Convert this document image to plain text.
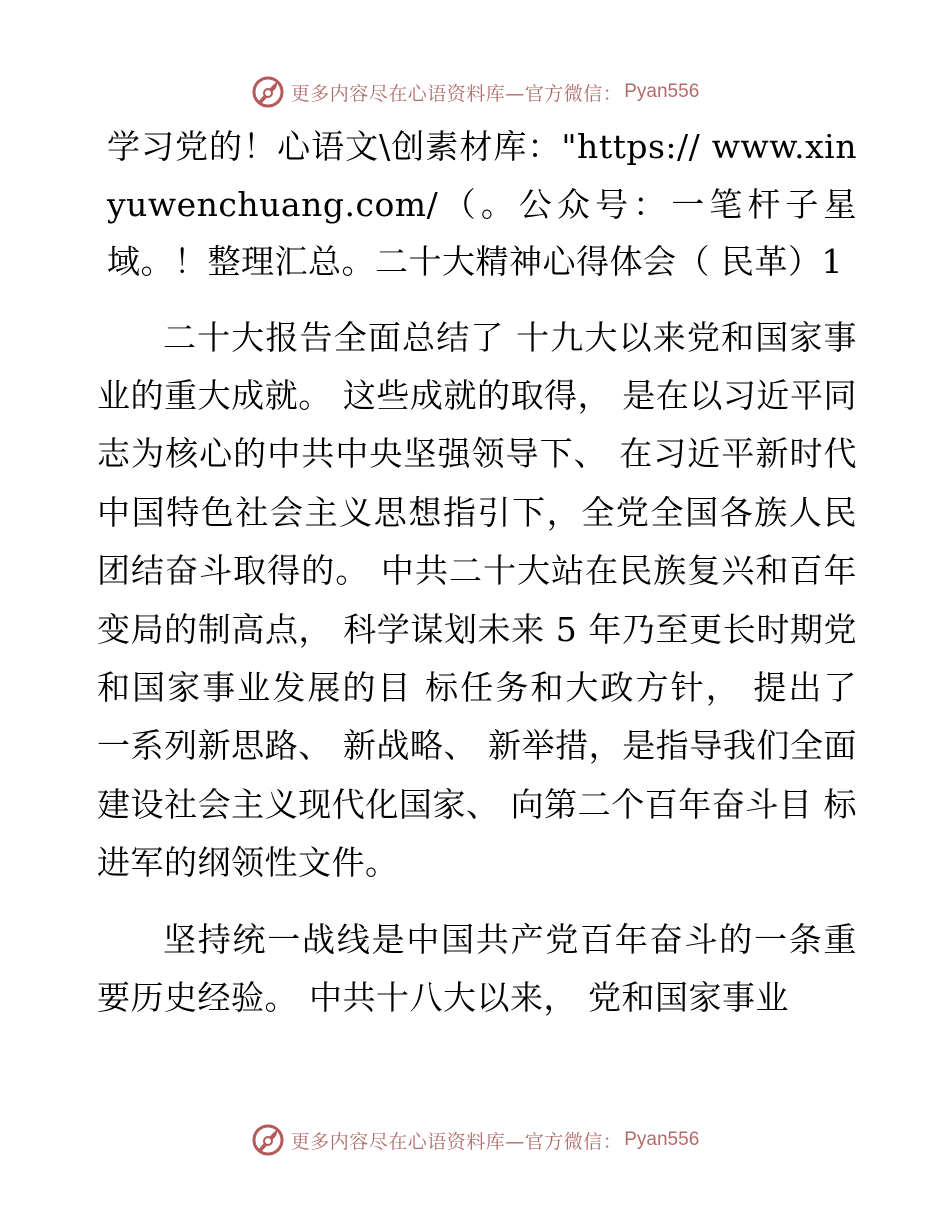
更多内容尽在心语资料库—官方微信： Pyan556

学习党的！心语文\创素材库："https:// www.xinyuwenchuang.com/（。公众号：一笔杆子星域。！整理汇总。二十大精神心得体会（ 民革）1

二十大报告全面总结了 十九大以来党和国家事业的重大成就。 这些成就的取得， 是在以习近平同志为核心的中共中央坚强领导下、 在习近平新时代中国特色社会主义思想指引下，全党全国各族人民团结奋斗取得的。 中共二十大站在民族复兴和百年变局的制高点， 科学谋划未来 5 年乃至更长时期党和国家事业发展的目 标任务和大政方针， 提出了 一系列新思路、 新战略、 新举措，是指导我们全面建设社会主义现代化国家、 向第二个百年奋斗目 标进军的纲领性文件。

坚持统一战线是中国共产党百年奋斗的一条重要历史经验。 中共十八大以来， 党和国家事业

更多内容尽在心语资料库—官方微信： Pyan556
